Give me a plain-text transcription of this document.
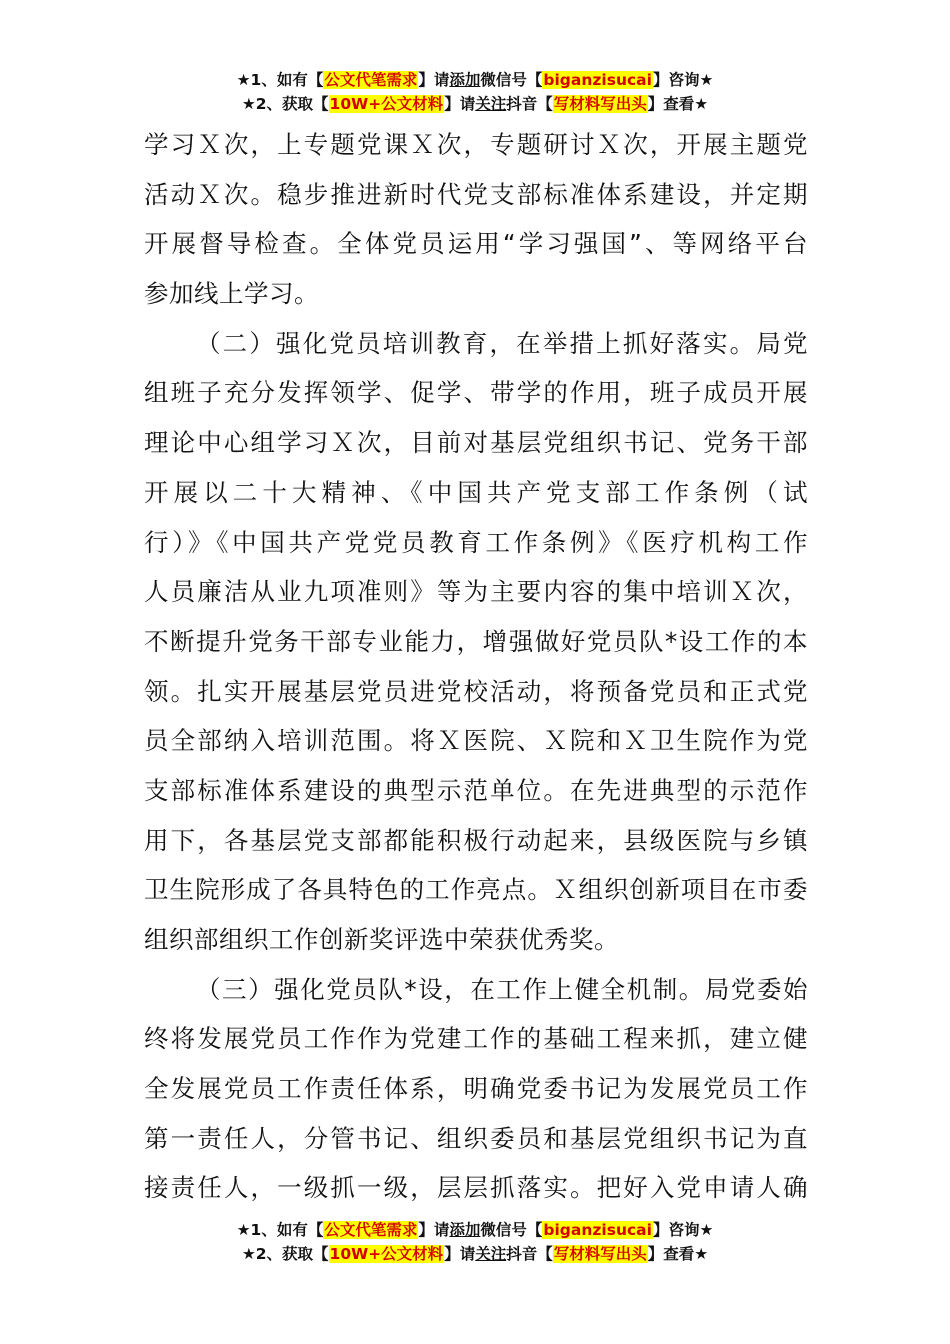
★1、如有【公文代笔需求】请添加微信号【biganzisucai】咨询★
★2、获取【10W+公文材料】请关注抖音【写材料写出头】查看★
学习Ｘ次，上专题党课Ｘ次，专题研讨Ｘ次，开展主题党
活动Ｘ次。稳步推进新时代党支部标准体系建设，并定期
开展督导检查。全体党员运用“学习强国”、等网络平台
参加线上学习。
（二）强化党员培训教育，在举措上抓好落实。局党
组班子充分发挥领学、促学、带学的作用，班子成员开展
理论中心组学习Ｘ次，目前对基层党组织书记、党务干部
开展以二十大精神、《中国共产党支部工作条例（试
行）》《中国共产党党员教育工作条例》《医疗机构工作
人员廉洁从业九项准则》等为主要内容的集中培训Ｘ次，
不断提升党务干部专业能力，增强做好党员队*设工作的本
领。扎实开展基层党员进党校活动，将预备党员和正式党
员全部纳入培训范围。将Ｘ医院、Ｘ院和Ｘ卫生院作为党
支部标准体系建设的典型示范单位。在先进典型的示范作
用下，各基层党支部都能积极行动起来，县级医院与乡镇
卫生院形成了各具特色的工作亮点。Ｘ组织创新项目在市委
组织部组织工作创新奖评选中荣获优秀奖。
（三）强化党员队*设，在工作上健全机制。局党委始
终将发展党员工作作为党建工作的基础工程来抓，建立健
全发展党员工作责任体系，明确党委书记为发展党员工作
第一责任人，分管书记、组织委员和基层党组织书记为直
接责任人，一级抓一级，层层抓落实。把好入党申请人确
★1、如有【公文代笔需求】请添加微信号【biganzisucai】咨询★
★2、获取【10W+公文材料】请关注抖音【写材料写出头】查看★
